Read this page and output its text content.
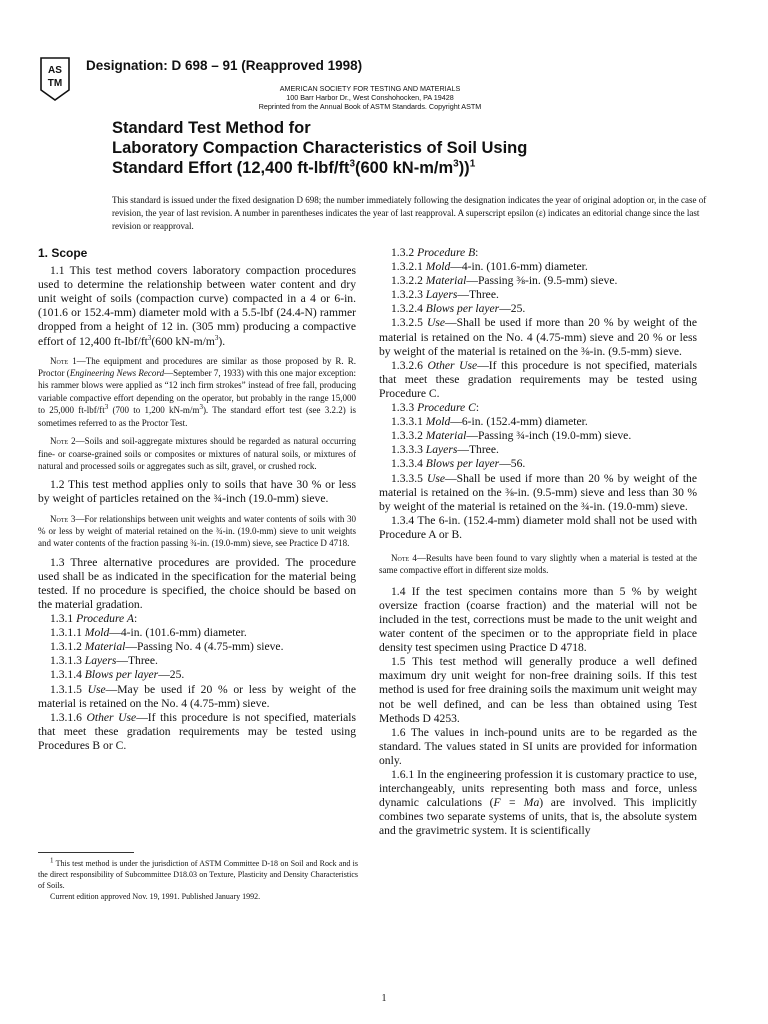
AS
TM
Designation: D 698 – 91 (Reapproved 1998)
AMERICAN SOCIETY FOR TESTING AND MATERIALS
100 Barr Harbor Dr., West Conshohocken, PA 19428
Reprinted from the Annual Book of ASTM Standards. Copyright ASTM
Standard Test Method for
Laboratory Compaction Characteristics of Soil Using
Standard Effort (12,400 $ft-lbf/ft^3(600$ $kN-m/m^3))^1$
This standard is issued under the fixed designation D 698; the number immediately following the designation indicates the year of original adoption or, in the case of revision, the year of last revision. A number in parentheses indicates the year of last reapproval. A superscript epsilon (ε) indicates an editorial change since the last revision or reapproval.
1. Scope

1.1 This test method covers laboratory compaction procedures used to determine the relationship between water content and dry unit weight of soils (compaction curve) compacted in a 4 or 6-in. (101.6 or 152.4-mm) diameter mold with a 5.5-lbf (24.4-N) rammer dropped from a height of 12 in. (305 mm) producing a compactive effort of 12,400 $ft-lbf/ft^3(600$ $kN-m/m^3$).

Note 1—The equipment and procedures are similar as those proposed by R. R. Proctor (Engineering News Record—September 7, 1933) with this one major exception: his rammer blows were applied as “12 inch firm strokes” instead of free fall, producing variable compactive effort depending on the operator, but probably in the range 15,000 to 25,000 $ft-lbf/ft^3$ (700 to 1,200 $kN-m/m^3$). The standard effort test (see 3.2.2) is sometimes referred to as the Proctor Test.

Note 2—Soils and soil-aggregate mixtures should be regarded as natural occurring fine- or coarse-grained soils or composites or mixtures of natural soils, or mixtures of natural and processed soils or aggregates such as silt, gravel, or crushed rock.

1.2 This test method applies only to soils that have 30 % or less by weight of particles retained on the ¾-inch (19.0-mm) sieve.

Note 3—For relationships between unit weights and water contents of soils with 30 % or less by weight of material retained on the ¾-in. (19.0-mm) sieve to unit weights and water contents of the fraction passing ¾-in. (19.0-mm) sieve, see Practice D 4718.

1.3 Three alternative procedures are provided. The procedure used shall be as indicated in the specification for the material being tested. If no procedure is specified, the choice should be based on the material gradation.

1.3.1 Procedure A:

1.3.1.1 Mold—4-in. (101.6-mm) diameter.

1.3.1.2 Material—Passing No. 4 (4.75-mm) sieve.

1.3.1.3 Layers—Three.

1.3.1.4 Blows per layer—25.

1.3.1.5 Use—May be used if 20 % or less by weight of the material is retained on the No. 4 (4.75-mm) sieve.

1.3.1.6 Other Use—If this procedure is not specified, materials that meet these gradation requirements may be tested using Procedures B or C.

1.3.2 Procedure B:

1.3.2.1 Mold—4-in. (101.6-mm) diameter.

1.3.2.2 Material—Passing ⅜-in. (9.5-mm) sieve.

1.3.2.3 Layers—Three.

1.3.2.4 Blows per layer—25.

1.3.2.5 Use—Shall be used if more than 20 % by weight of the material is retained on the No. 4 (4.75-mm) sieve and 20 % or less by weight of the material is retained on the ⅜-in. (9.5-mm) sieve.

1.3.2.6 Other Use—If this procedure is not specified, materials that meet these gradation requirements may be tested using Procedure C.

1.3.3 Procedure C:

1.3.3.1 Mold—6-in. (152.4-mm) diameter.

1.3.3.2 Material—Passing ¾-inch (19.0-mm) sieve.

1.3.3.3 Layers—Three.

1.3.3.4 Blows per layer—56.

1.3.3.5 Use—Shall be used if more than 20 % by weight of the material is retained on the ⅜-in. (9.5-mm) sieve and less than 30 % by weight of the material is retained on the ¾-in. (19.0-mm) sieve.

1.3.4 The 6-in. (152.4-mm) diameter mold shall not be used with Procedure A or B.

Note 4—Results have been found to vary slightly when a material is tested at the same compactive effort in different size molds.

1.4 If the test specimen contains more than 5 % by weight oversize fraction (coarse fraction) and the material will not be included in the test, corrections must be made to the unit weight and water content of the specimen or to the appropriate field in place density test specimen using Practice D 4718.

1.5 This test method will generally produce a well defined maximum dry unit weight for non-free draining soils. If this test method is used for free draining soils the maximum unit weight may not be well defined, and can be less than obtained using Test Methods D 4253.

1.6 The values in inch-pound units are to be regarded as the standard. The values stated in SI units are provided for information only.

1.6.1 In the engineering profession it is customary practice to use, interchangeably, units representing both mass and force, unless dynamic calculations (F = Ma) are involved. This implicitly combines two separate systems of units, that is, the absolute system and the gravimetric system. It is scientifically

$^1$ This test method is under the jurisdiction of ASTM Committee D-18 on Soil and Rock and is the direct responsibility of Subcommittee D18.03 on Texture, Plasticity and Density Characteristics of Soils.

Current edition approved Nov. 19, 1991. Published January 1992.

1
